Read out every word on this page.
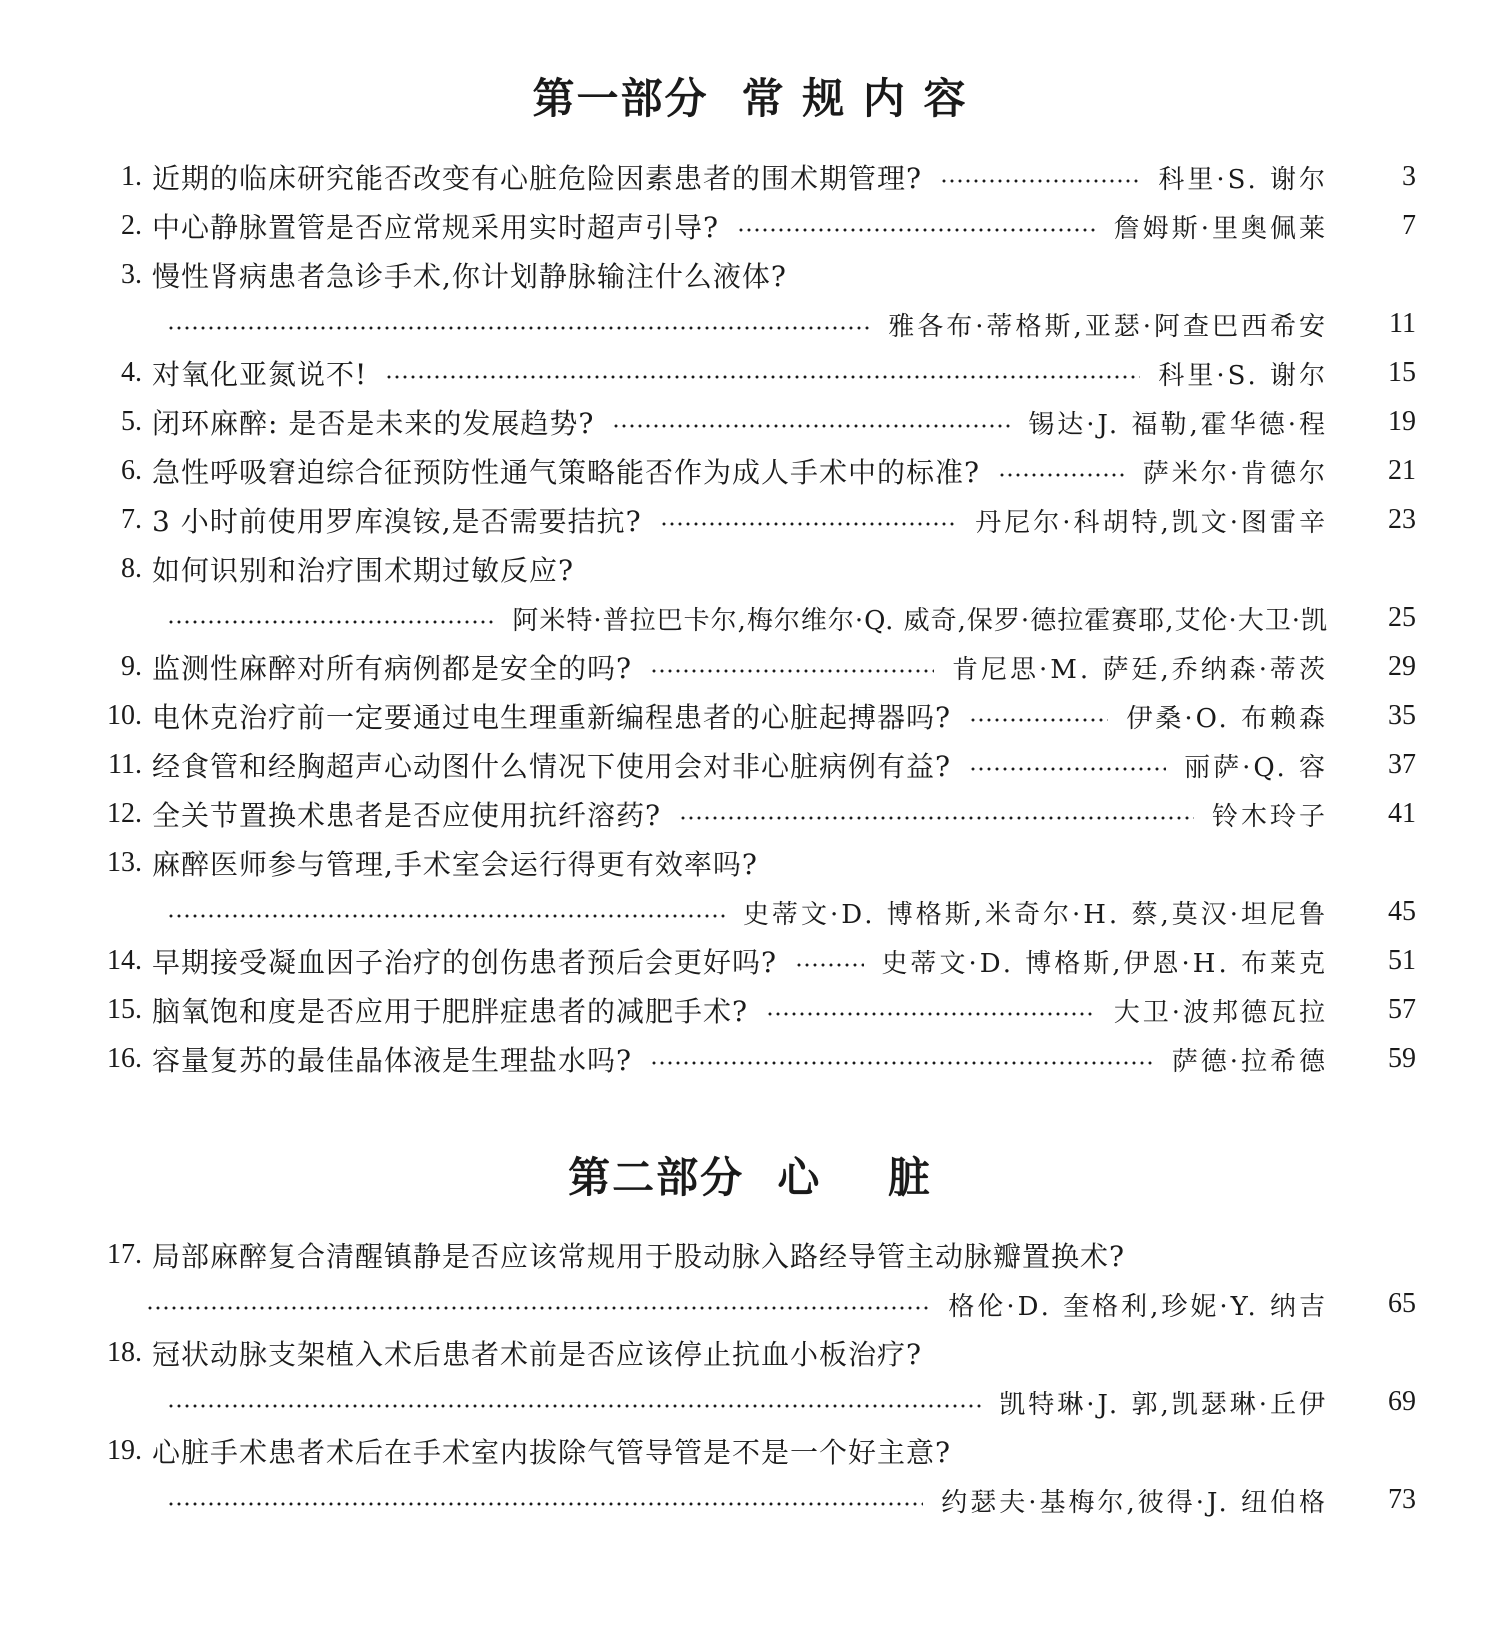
第一部分  常 规 内 容
1. 近期的临床研究能否改变有心脏危险因素患者的围术期管理?	科里·S. 谢尔	3
2. 中心静脉置管是否应常规采用实时超声引导?	詹姆斯·里奥佩莱	7
3. 慢性肾病患者急诊手术,你计划静脉输注什么液体?
雅各布·蒂格斯,亚瑟·阿查巴西希安	11
4. 对氧化亚氮说不!	科里·S. 谢尔	15
5. 闭环麻醉: 是否是未来的发展趋势?	锡达·J. 福勒,霍华德·程	19
6. 急性呼吸窘迫综合征预防性通气策略能否作为成人手术中的标准?	萨米尔·肯德尔	21
7. 3 小时前使用罗库溴铵,是否需要拮抗?	丹尼尔·科胡特,凯文·图雷辛	23
8. 如何识别和治疗围术期过敏反应?
阿米特·普拉巴卡尔,梅尔维尔·Q. 威奇,保罗·德拉霍赛耶,艾伦·大卫·凯	25
9. 监测性麻醉对所有病例都是安全的吗?	肯尼思·M. 萨廷,乔纳森·蒂茨	29
10. 电休克治疗前一定要通过电生理重新编程患者的心脏起搏器吗?	伊桑·O. 布赖森	35
11. 经食管和经胸超声心动图什么情况下使用会对非心脏病例有益?	丽萨·Q. 容	37
12. 全关节置换术患者是否应使用抗纤溶药?	铃木玲子	41
13. 麻醉医师参与管理,手术室会运行得更有效率吗?
史蒂文·D. 博格斯,米奇尔·H. 蔡,莫汉·坦尼鲁	45
14. 早期接受凝血因子治疗的创伤患者预后会更好吗?	史蒂文·D. 博格斯,伊恩·H. 布莱克	51
15. 脑氧饱和度是否应用于肥胖症患者的减肥手术?	大卫·波邦德瓦拉	57
16. 容量复苏的最佳晶体液是生理盐水吗?	萨德·拉希德	59
第二部分  心    脏
17. 局部麻醉复合清醒镇静是否应该常规用于股动脉入路经导管主动脉瓣置换术?
格伦·D. 奎格利,珍妮·Y. 纳吉	65
18. 冠状动脉支架植入术后患者术前是否应该停止抗血小板治疗?
凯特琳·J. 郭,凯瑟琳·丘伊	69
19. 心脏手术患者术后在手术室内拔除气管导管是不是一个好主意?
约瑟夫·基梅尔,彼得·J. 纽伯格	73
